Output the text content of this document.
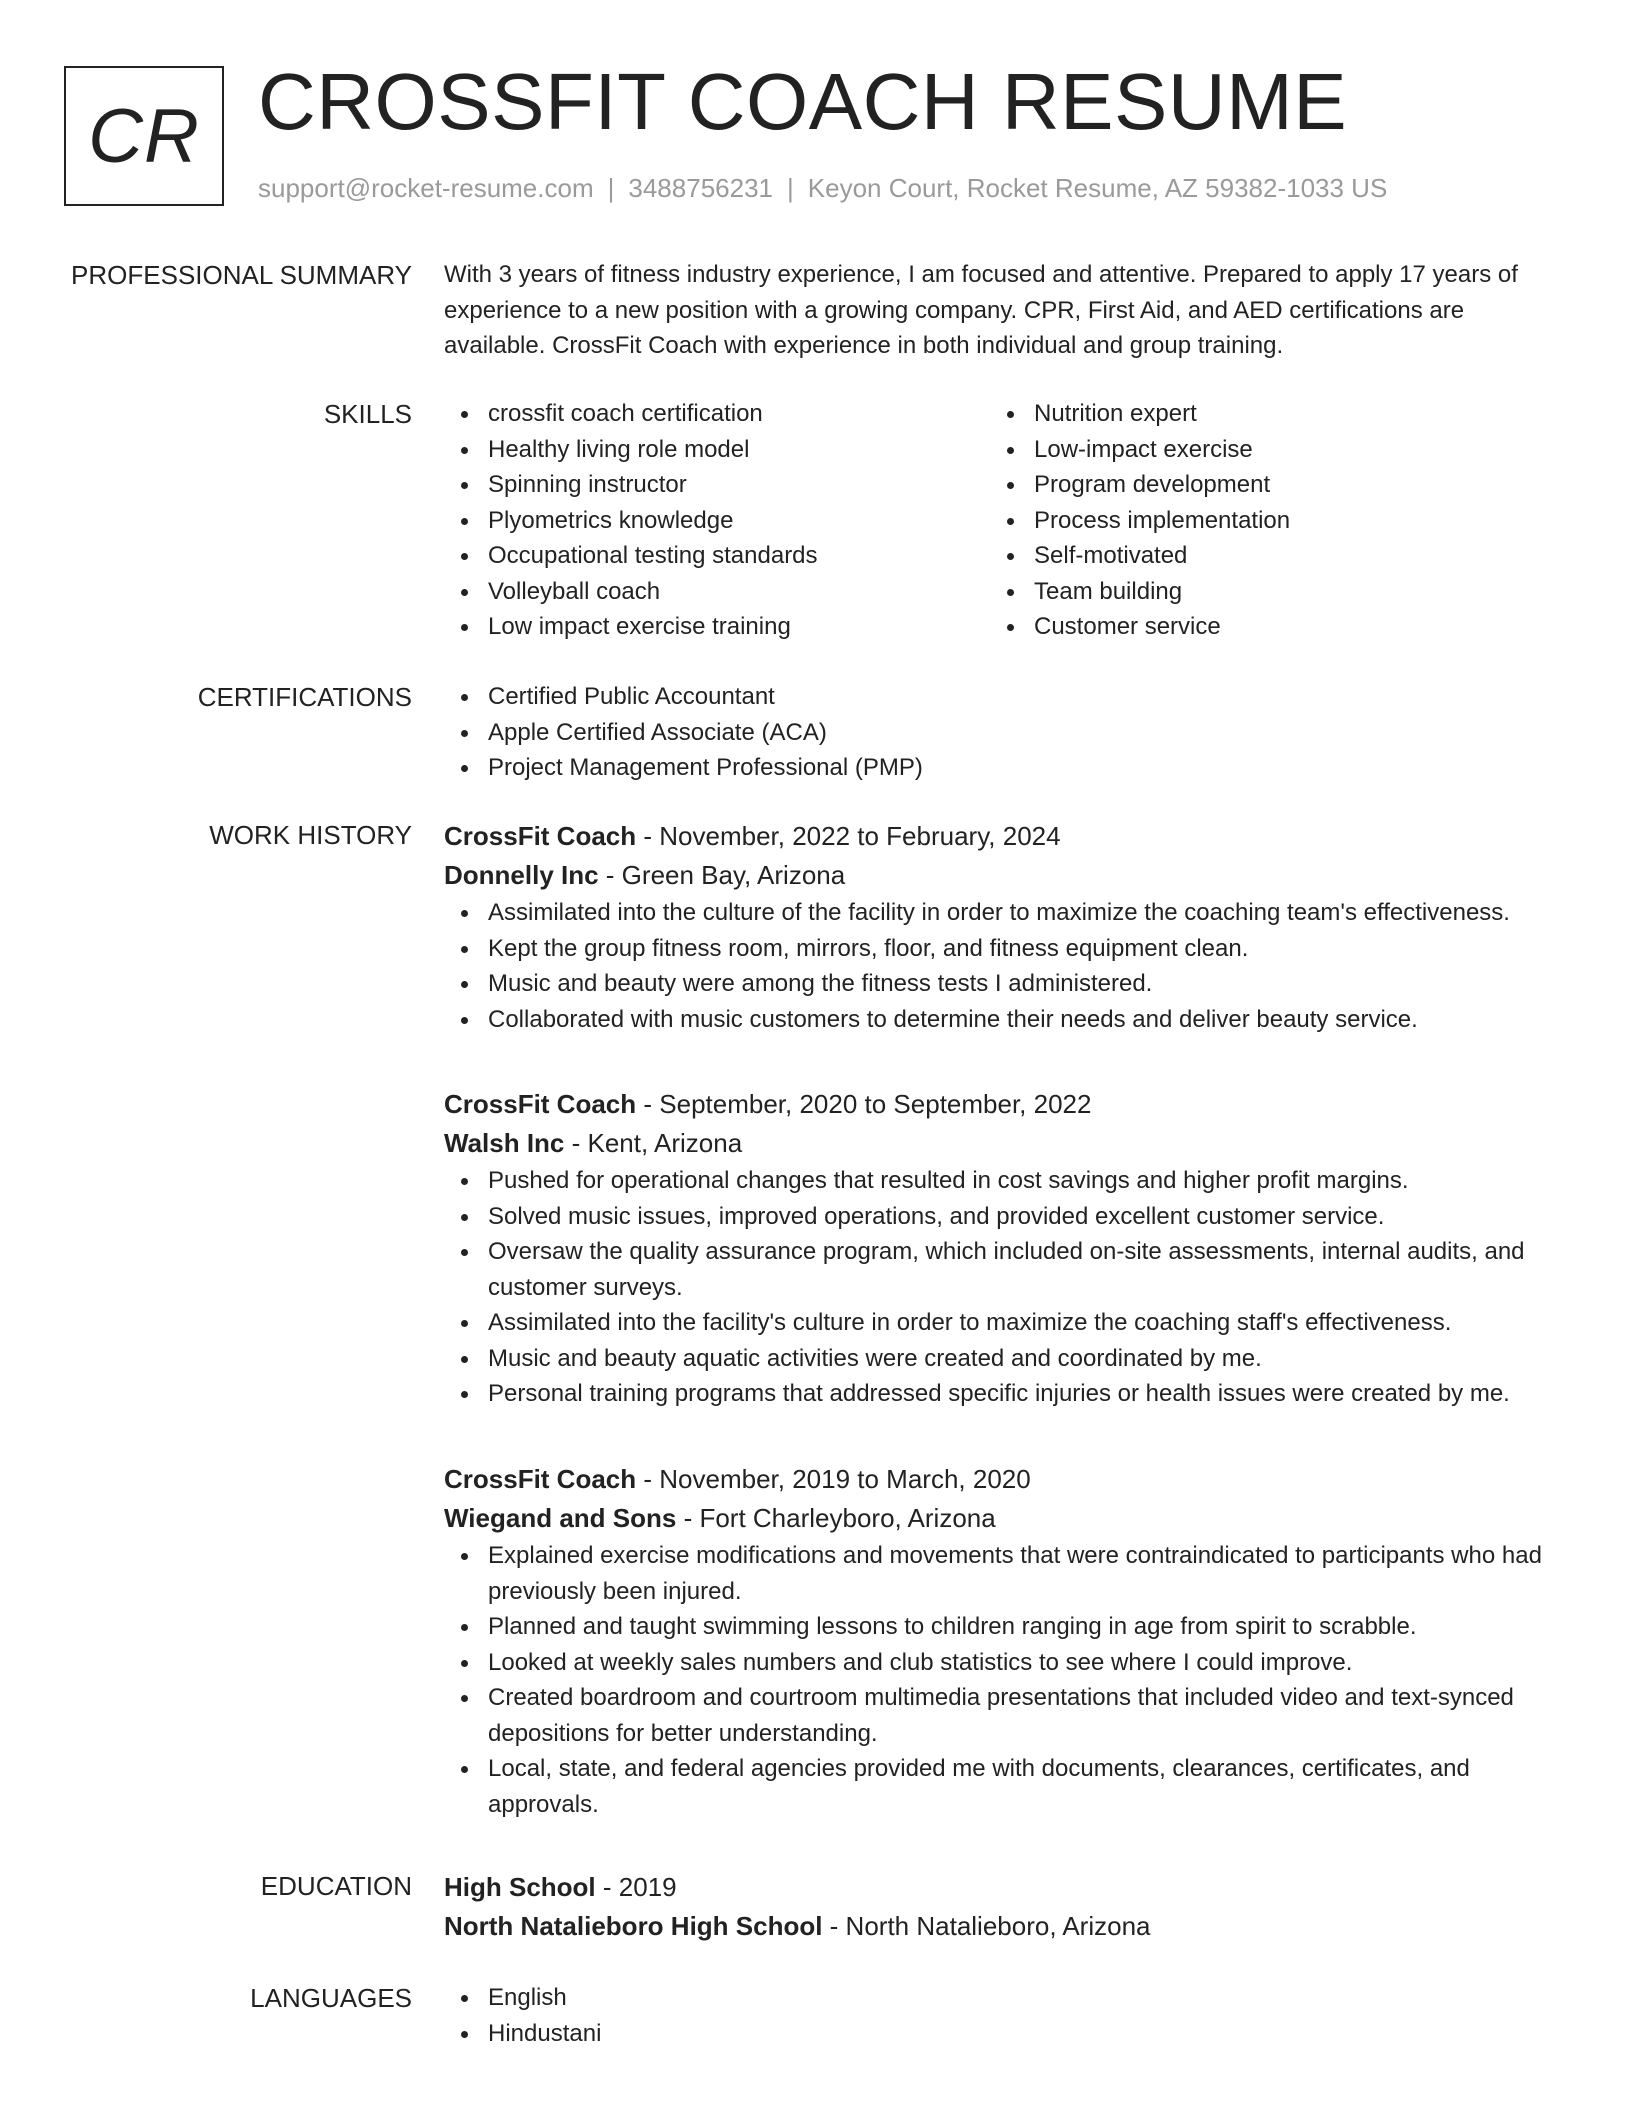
CR CROSSFIT COACH RESUME
support@rocket-resume.com | 3488756231 | Keyon Court, Rocket Resume, AZ 59382-1033 US
PROFESSIONAL SUMMARY With 3 years of fitness industry experience, I am focused and attentive. Prepared to apply 17 years of experience to a new position with a growing company. CPR, First Aid, and AED certifications are available. CrossFit Coach with experience in both individual and group training.

SKILLS	crossfit coach certification
Healthy living role model
Spinning instructor
Plyometrics knowledge
Occupational testing standards
Volleyball coach
Low impact exercise training
Nutrition expert
Low-impact exercise
Program development
Process implementation
Self-motivated
Team building
Customer service
CERTIFICATIONS	Certified Public Accountant
Apple Certified Associate (ACA)
Project Management Professional (PMP)
WORK HISTORY CrossFit Coach - November, 2022 to February, 2024
Donnelly Inc - Green Bay, Arizona
Assimilated into the culture of the facility in order to maximize the coaching team's effectiveness.
Kept the group fitness room, mirrors, floor, and fitness equipment clean.
Music and beauty were among the fitness tests I administered.
Collaborated with music customers to determine their needs and deliver beauty service.
CrossFit Coach - September, 2020 to September, 2022
Walsh Inc - Kent, Arizona
Pushed for operational changes that resulted in cost savings and higher profit margins.
Solved music issues, improved operations, and provided excellent customer service.
Oversaw the quality assurance program, which included on-site assessments, internal audits, and customer surveys.
Assimilated into the facility's culture in order to maximize the coaching staff's effectiveness.
Music and beauty aquatic activities were created and coordinated by me.
Personal training programs that addressed specific injuries or health issues were created by me.
CrossFit Coach - November, 2019 to March, 2020
Wiegand and Sons - Fort Charleyboro, Arizona
Explained exercise modifications and movements that were contraindicated to participants who had previously been injured.
Planned and taught swimming lessons to children ranging in age from spirit to scrabble.
Looked at weekly sales numbers and club statistics to see where I could improve.
Created boardroom and courtroom multimedia presentations that included video and text-synced depositions for better understanding.
Local, state, and federal agencies provided me with documents, clearances, certificates, and approvals.
EDUCATION High School - 2019
North Natalieboro High School - North Natalieboro, Arizona
LANGUAGES	English
Hindustani
